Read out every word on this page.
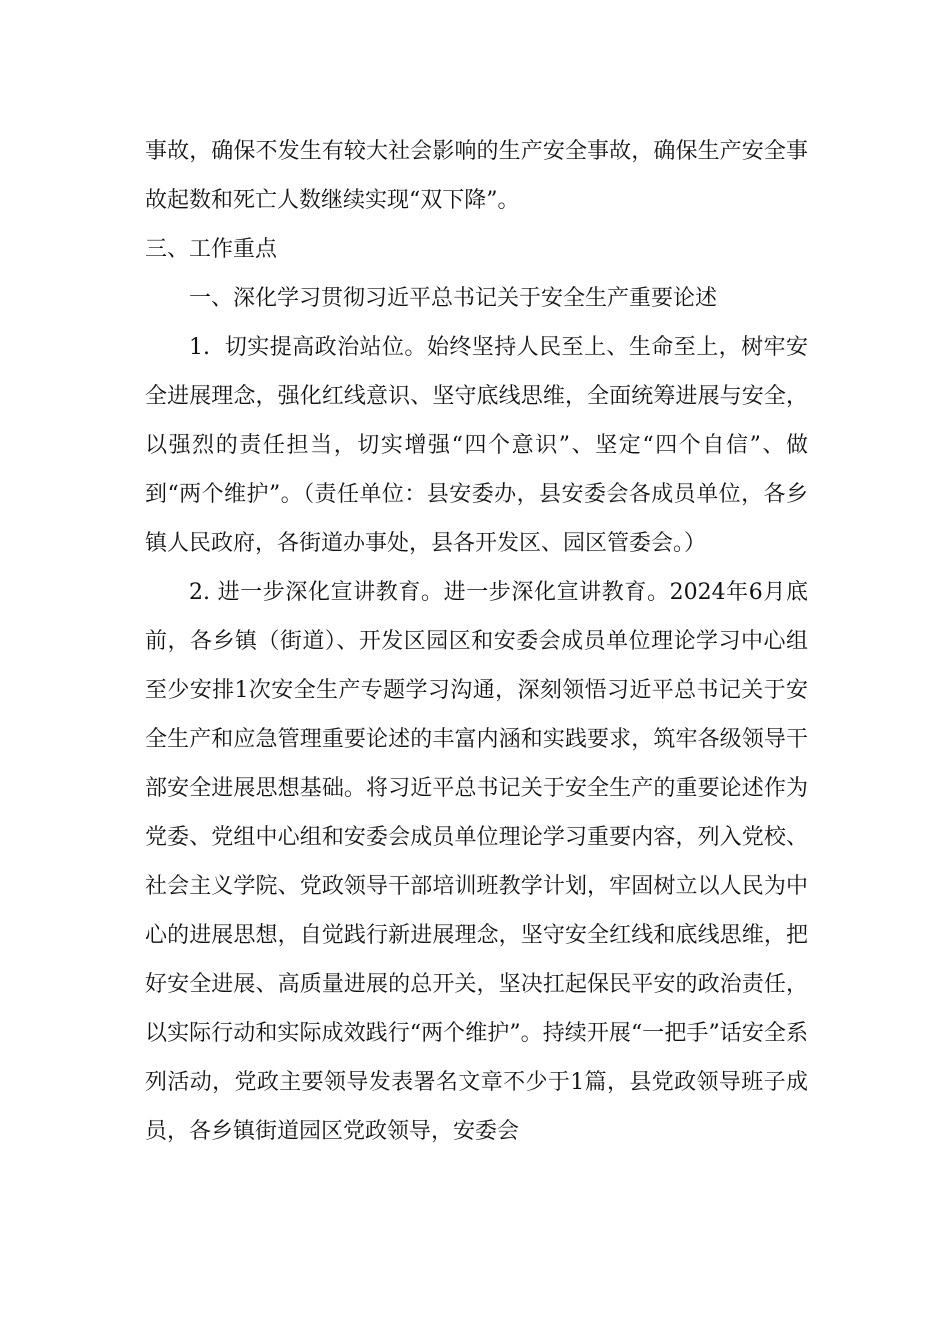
事故，确保不发生有较大社会影响的生产安全事故，确保生产安全事故起数和死亡人数继续实现“双下降”。

三、工作重点

一、深化学习贯彻习近平总书记关于安全生产重要论述

1.  切实提高政治站位。始终坚持人民至上、生命至上，树牢安全进展理念，强化红线意识、坚守底线思维，全面统筹进展与安全，以强烈的责任担当，切实增强“四个意识”、坚定“四个自信”、做到“两个维护”。（责任单位：县安委办，县安委会各成员单位，各乡镇人民政府，各街道办事处，县各开发区、园区管委会。）

2. 进一步深化宣讲教育。进一步深化宣讲教育。2024年6月底前，各乡镇（街道）、开发区园区和安委会成员单位理论学习中心组至少安排1次安全生产专题学习沟通，深刻领悟习近平总书记关于安全生产和应急管理重要论述的丰富内涵和实践要求，筑牢各级领导干部安全进展思想基础。将习近平总书记关于安全生产的重要论述作为党委、党组中心组和安委会成员单位理论学习重要内容，列入党校、社会主义学院、党政领导干部培训班教学计划，牢固树立以人民为中心的进展思想，自觉践行新进展理念，坚守安全红线和底线思维，把好安全进展、高质量进展的总开关，坚决扛起保民平安的政治责任，以实际行动和实际成效践行“两个维护”。持续开展“一把手”话安全系列活动，党政主要领导发表署名文章不少于1篇，县党政领导班子成员，各乡镇街道园区党政领导，安委会
